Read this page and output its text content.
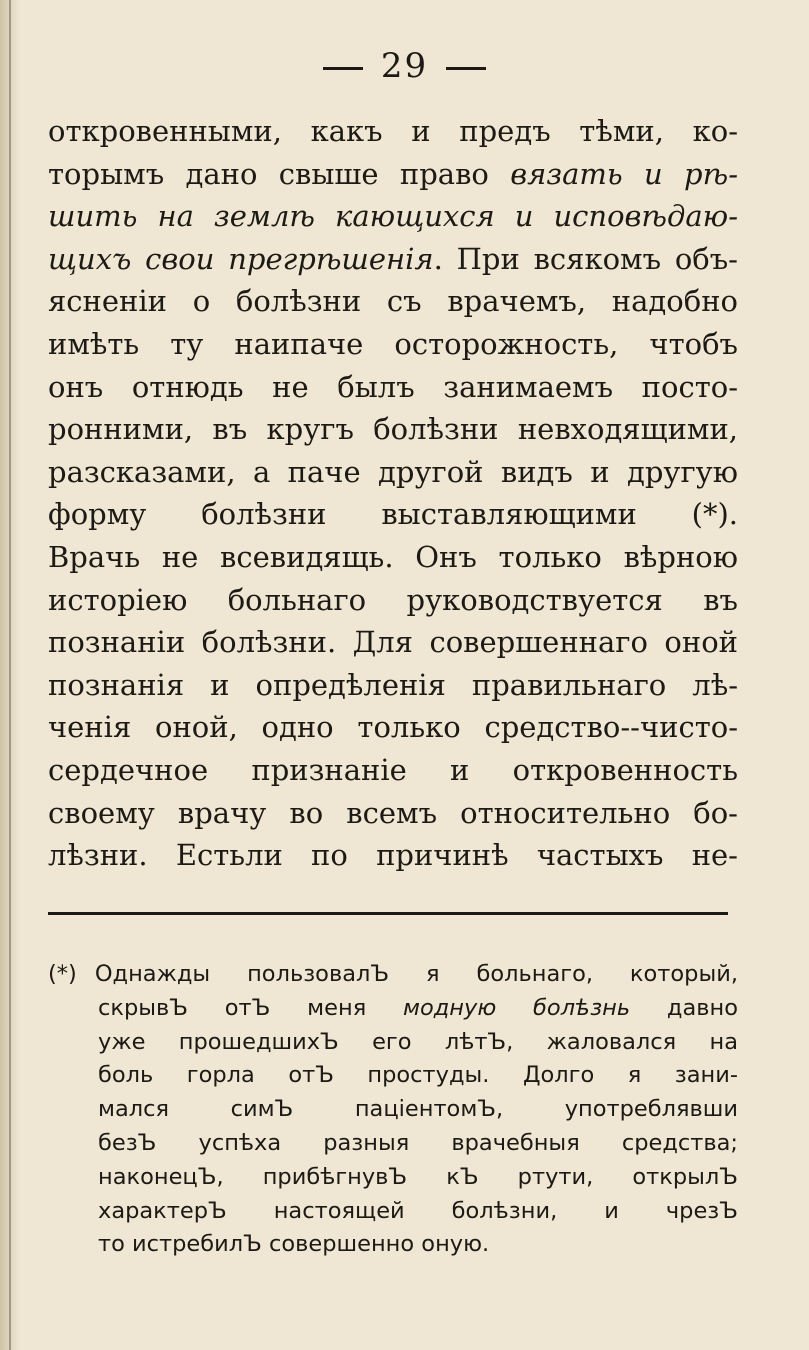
29
откровенными, какъ и предъ тѣми, ко-
торымъ дано свыше право вязать и рѣ-
шить на землѣ кающихся и исповѣдаю-
щихъ свои прегрѣшенія. При всякомъ объ-
ясненіи о болѣзни съ врачемъ, надобно
имѣть ту наипаче осторожность, чтобъ
онъ отнюдь не былъ занимаемъ посто-
ронними, въ кругъ болѣзни невходящими,
разсказами, а паче другой видъ и другую
форму болѣзни выставляющими (*).
Врачь не всевидящь. Онъ только вѣрною
исторіею больнаго руководствуется въ
познаніи болѣзни. Для совершеннаго оной
познанія и опредѣленія правильнаго лѣ-
ченія оной, одно только средство--чисто-
сердечное признаніе и откровенность
своему врачу во всемъ относительно бо-
лѣзни. Естьли по причинѣ частыхъ не-
(*) Однажды пользовалЪ я больнаго, который,
скрывЪ отЪ меня модную болѣзнь давно
уже прошедшихЪ его лѣтЪ, жаловался на
боль горла отЪ простуды. Долго я зани-
мался симЪ паціентомЪ, употреблявши
безЪ успѣха разныя врачебныя средства;
наконецЪ, прибѣгнувЪ кЪ ртути, открылЪ
характерЪ настоящей болѣзни, и чрезЪ
то истребилЪ совершенно оную.
